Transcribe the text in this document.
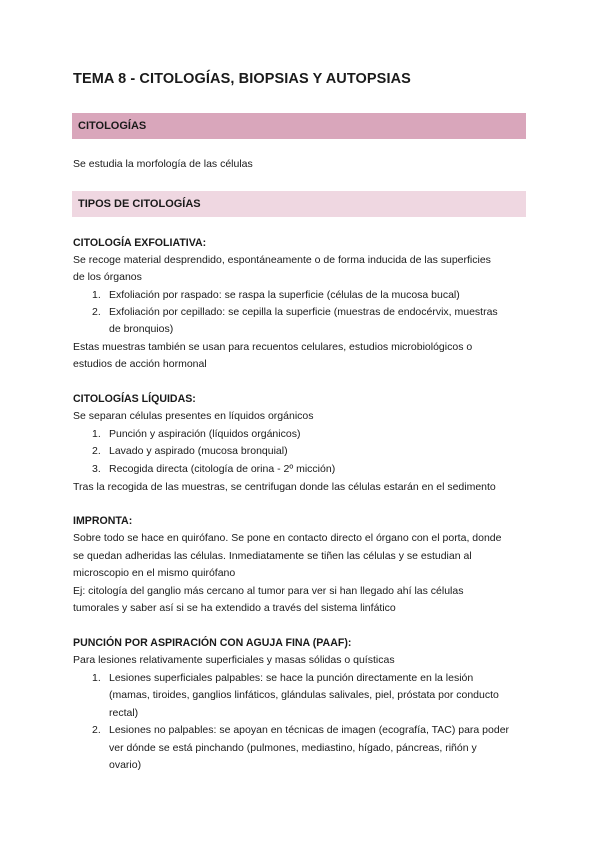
TEMA 8 - CITOLOGÍAS, BIOPSIAS Y AUTOPSIAS
CITOLOGÍAS
Se estudia la morfología de las células
TIPOS DE CITOLOGÍAS
CITOLOGÍA EXFOLIATIVA:
Se recoge material desprendido, espontáneamente o de forma inducida de las superficies
de los órganos
1. Exfoliación por raspado: se raspa la superficie (células de la mucosa bucal)
2. Exfoliación por cepillado: se cepilla la superficie (muestras de endocérvix, muestras
de bronquios)
Estas muestras también se usan para recuentos celulares, estudios microbiológicos o
estudios de acción hormonal
CITOLOGÍAS LÍQUIDAS:
Se separan células presentes en líquidos orgánicos
1. Punción y aspiración (líquidos orgánicos)
2. Lavado y aspirado (mucosa bronquial)
3. Recogida directa (citología de orina - 2º micción)
Tras la recogida de las muestras, se centrifugan donde las células estarán en el sedimento
IMPRONTA:
Sobre todo se hace en quirófano. Se pone en contacto directo el órgano con el porta, donde
se quedan adheridas las células. Inmediatamente se tiñen las células y se estudian al
microscopio en el mismo quirófano
Ej: citología del ganglio más cercano al tumor para ver si han llegado ahí las células
tumorales y saber así si se ha extendido a través del sistema linfático
PUNCIÓN POR ASPIRACIÓN CON AGUJA FINA (PAAF):
Para lesiones relativamente superficiales y masas sólidas o quísticas
1. Lesiones superficiales palpables: se hace la punción directamente en la lesión
(mamas, tiroides, ganglios linfáticos, glándulas salivales, piel, próstata por conducto
rectal)
2. Lesiones no palpables: se apoyan en técnicas de imagen (ecografía, TAC) para poder
ver dónde se está pinchando (pulmones, mediastino, hígado, páncreas, riñón y
ovario)
